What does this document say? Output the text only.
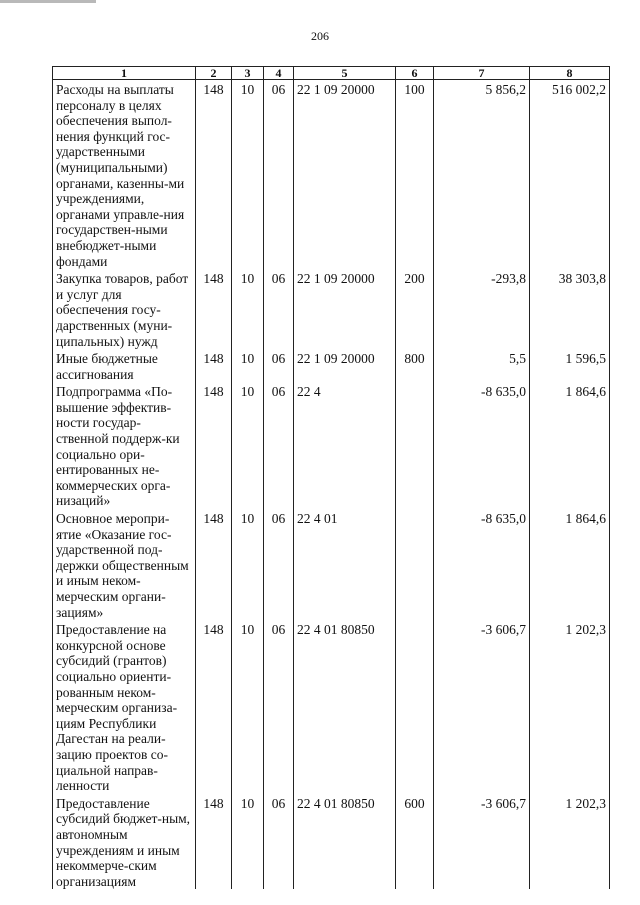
206
1	2	3	4	5	6	7	8
Расходы на выплаты персоналу в целях обеспечения выпол-нения функций гос-ударственными (муниципальными) органами, казенны-ми учреждениями, органами управле-ния государствен-ными внебюджет-ными фондами	148	10	06	22 1 09 20000	100	5 856,2	516 002,2
Закупка товаров, работ и услуг для обеспечения госу-дарственных (муни-ципальных) нужд	148	10	06	22 1 09 20000	200	-293,8	38 303,8
Иные бюджетные ассигнования	148	10	06	22 1 09 20000	800	5,5	1 596,5
Подпрограмма «По-вышение эффектив-ности государ-ственной поддерж-ки социально ори-ентированных не-коммерческих орга-низаций»	148	10	06	22 4		-8 635,0	1 864,6
Основное меропри-ятие «Оказание гос-ударственной под-держки общественным и иным неком-мерческим органи-зациям»	148	10	06	22 4 01		-8 635,0	1 864,6
Предоставление на конкурсной основе субсидий (грантов) социально ориенти-рованным неком-мерческим организа-циям Республики Дагестан на реали-зацию проектов со-циальной направ-ленности	148	10	06	22 4 01 80850		-3 606,7	1 202,3
Предоставление субсидий бюджет-ным, автономным учреждениям и иным некоммерче-ским организациям	148	10	06	22 4 01 80850	600	-3 606,7	1 202,3
